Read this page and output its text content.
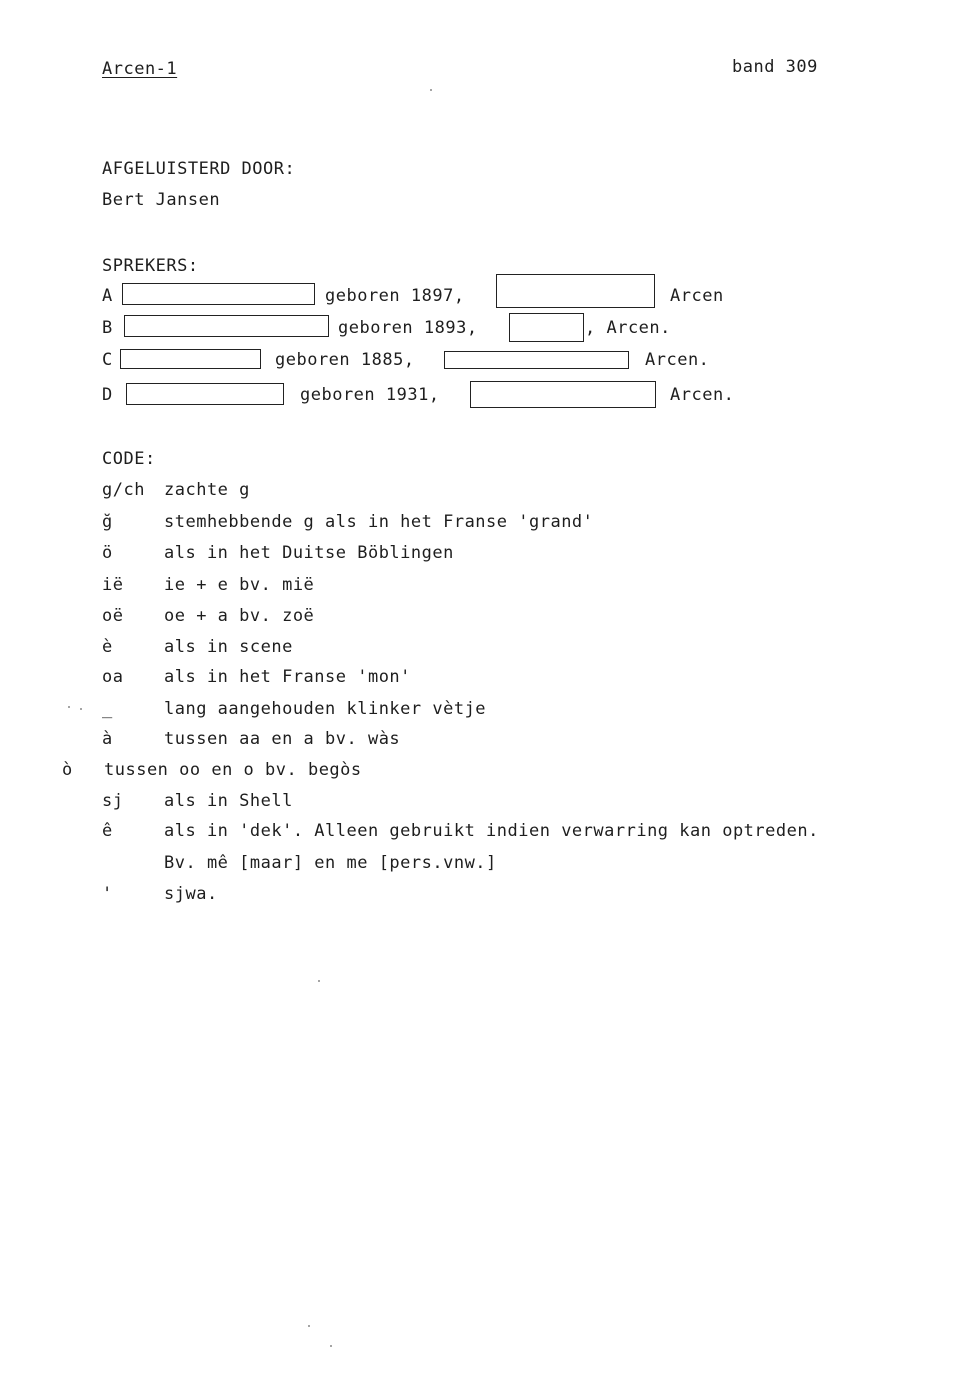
Arcen-1	band 309
AFGELUISTERD DOOR:
Bert Jansen
SPREKERS:
A	geboren 1897,	Arcen
B	geboren 1893,	, Arcen.
C	geboren 1885,	Arcen.
D	geboren 1931,	Arcen.
CODE:
g/ch zachte g
ğ	stemhebbende g als in het Franse 'grand'
ö	als in het Duitse Böblingen
ië ie + e bv. mië
oë oe + a bv. zoë
è	als in scene
oa als in het Franse 'mon'
_	lang aangehouden klinker vètje
à	tussen aa en a bv. wàs
ò tussen oo en o bv. begòs
sj als in Shell
ê	als in 'dek'. Alleen gebruikt indien verwarring kan optreden.
Bv. mê [maar] en me [pers.vnw.]
'	sjwa.
